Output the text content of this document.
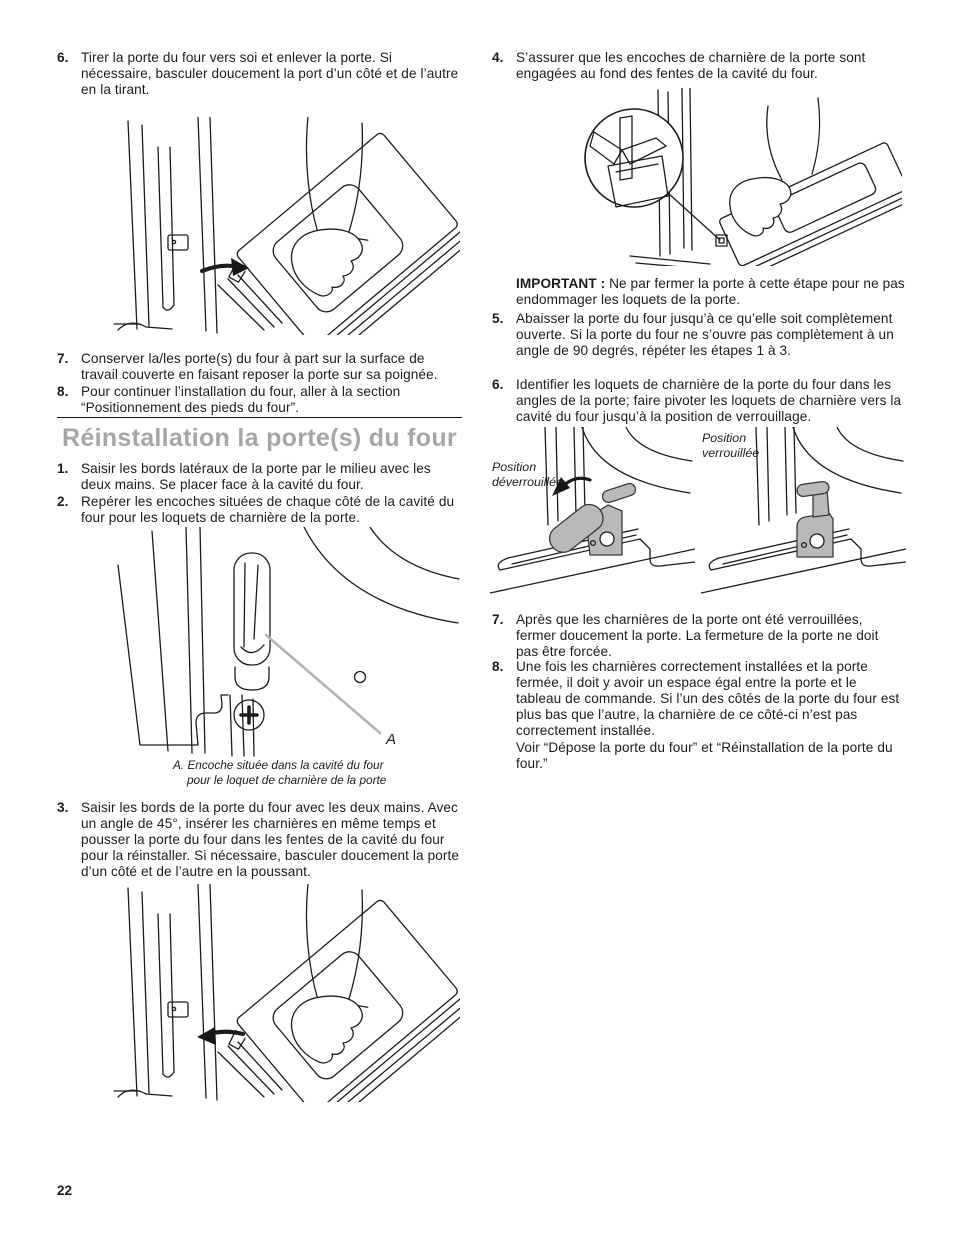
6. Tirer la porte du four vers soi et enlever la porte. Si nécessaire, basculer doucement la port d’un côté et de l’autre en la tirant.
7. Conserver la/les porte(s) du four à part sur la surface de travail couverte en faisant reposer la porte sur sa poignée.
8. Pour continuer l’installation du four, aller à la section “Positionnement des pieds du four”.
Réinstallation la porte(s) du four
1. Saisir les bords latéraux de la porte par le milieu avec les deux mains. Se placer face à la cavité du four.
2. Repérer les encoches situées de chaque côté de la cavité du four pour les loquets de charnière de la porte.
A
A. Encoche située dans la cavité du four
pour le loquet de charnière de la porte
3. Saisir les bords de la porte du four avec les deux mains. Avec un angle de 45°, insérer les charnières en même temps et pousser la porte du four dans les fentes de la cavité du four pour la réinstaller. Si nécessaire, basculer doucement la porte d’un côté et de l’autre en la poussant.
22
4. S’assurer que les encoches de charnière de la porte sont engagées au fond des fentes de la cavité du four.
IMPORTANT : Ne par fermer la porte à cette étape pour ne pas endommager les loquets de la porte.
5. Abaisser la porte du four jusqu’à ce qu’elle soit complètement ouverte. Si la porte du four ne s’ouvre pas complètement à un angle de 90 degrés, répéter les étapes 1 à 3.
6. Identifier les loquets de charnière de la porte du four dans les angles de la porte; faire pivoter les loquets de charnière vers la cavité du four jusqu’à la position de verrouillage.
Position
déverrouillée
Position
verrouillée
7. Après que les charnières de la porte ont été verrouillées, fermer doucement la porte. La fermeture de la porte ne doit pas être forcée.
8. Une fois les charnières correctement installées et la porte fermée, il doit y avoir un espace égal entre la porte et le tableau de commande. Si l’un des côtés de la porte du four est plus bas que l’autre, la charnière de ce côté-ci n’est pas correctement installée.
Voir “Dépose la porte du four” et “Réinstallation de la porte du four.”
